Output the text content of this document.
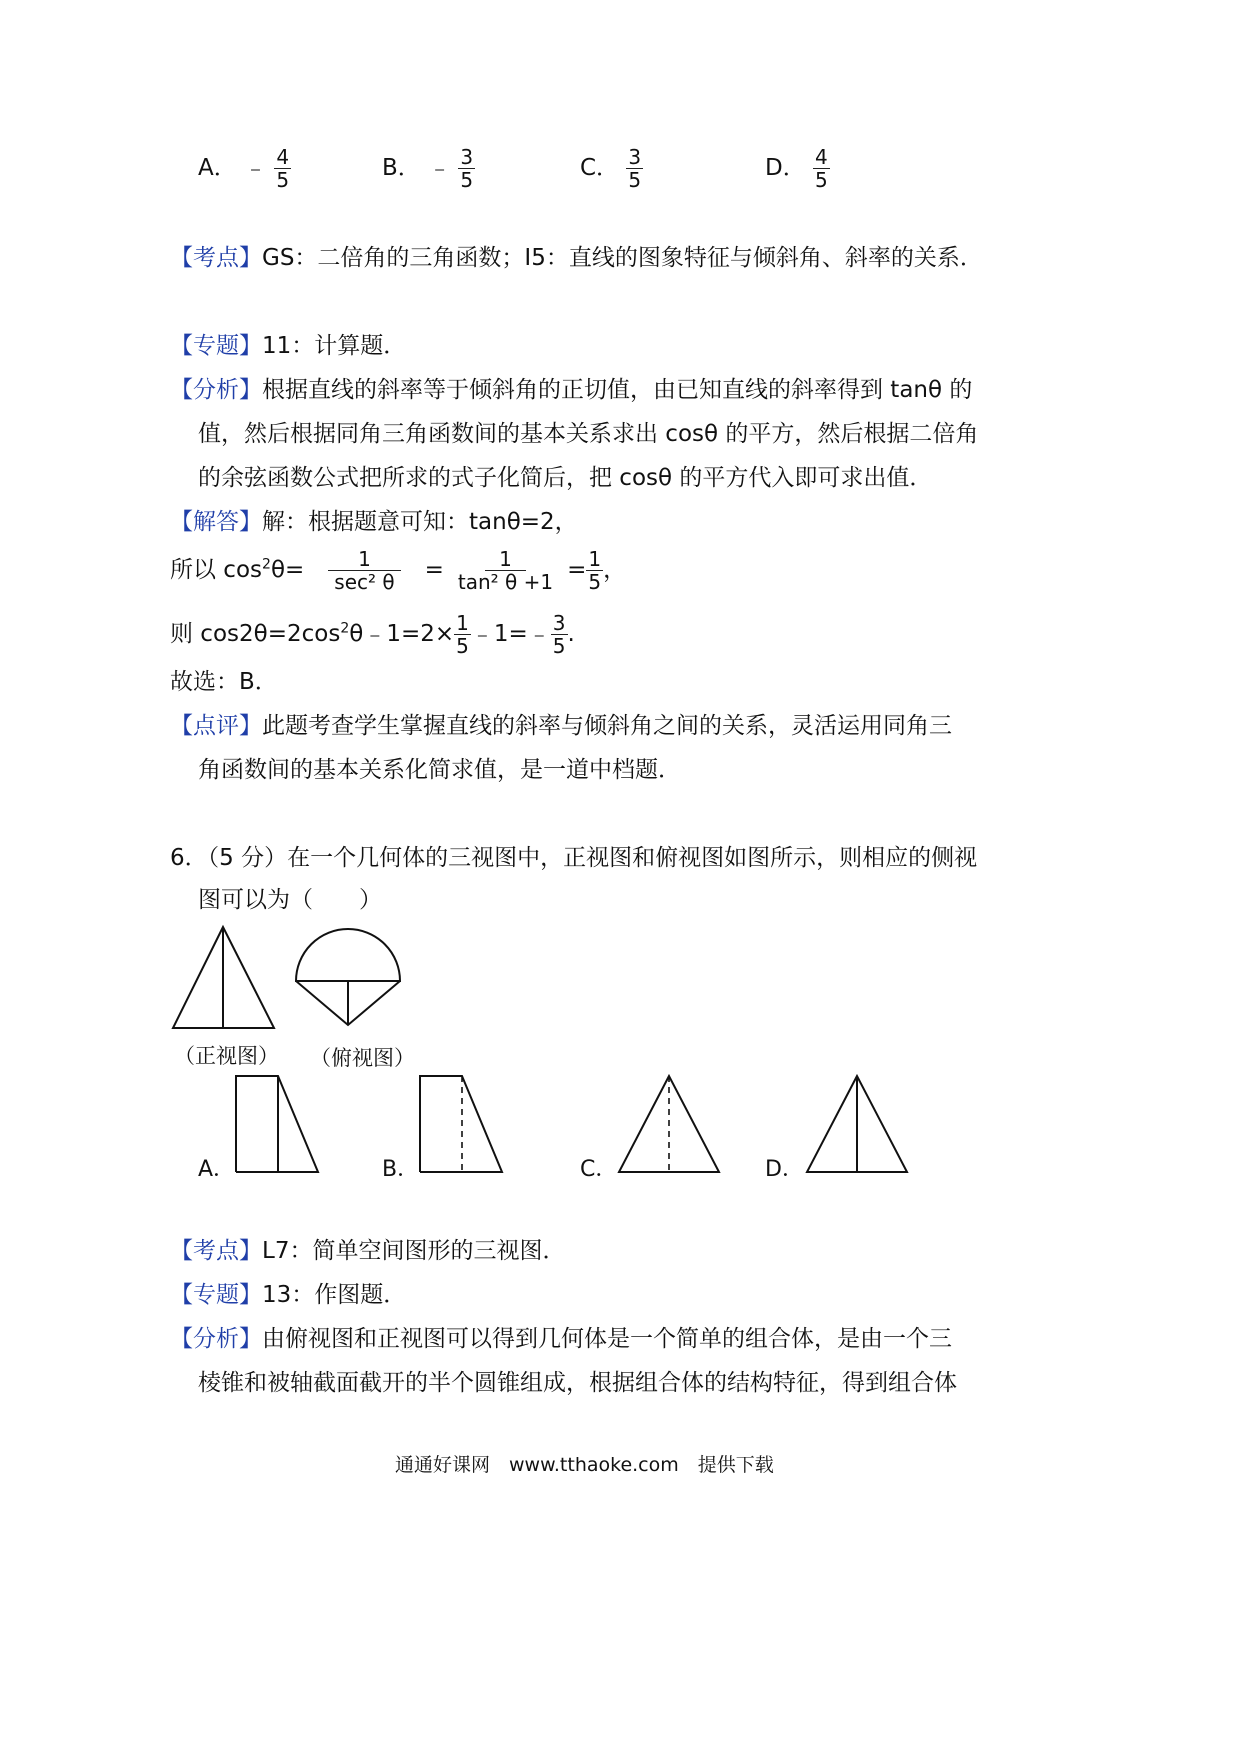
A． ﹣ $\frac{4}{5}$	B． ﹣ $\frac{3}{5}$	C． $\frac{3}{5}$	D． $\frac{4}{5}$
【考点】GS：二倍角的三角函数；I5：直线的图象特征与倾斜角、斜率的关系．
【专题】11：计算题．
【分析】根据直线的斜率等于倾斜角的正切值，由已知直线的斜率得到 tanθ 的
值，然后根据同角三角函数间的基本关系求出 cosθ 的平方，然后根据二倍角
的余弦函数公式把所求的式子化简后，把 cosθ 的平方代入即可求出值．
【解答】解：根据题意可知：tanθ=2，
所以 $\cos^2\theta= \frac{1}{\text{sec² θ}} = \frac{1}{\text{tan² θ +1}} = \frac{1}{5}$ ，
则 $\cos 2\theta=2\cos^2\theta﹣1=2\times \frac{1}{5}$ ﹣1=﹣ $\frac{3}{5}$ .
故选：B．
【点评】此题考查学生掌握直线的斜率与倾斜角之间的关系，灵活运用同角三
角函数间的基本关系化简求值，是一道中档题．
6．（5 分）在一个几何体的三视图中，正视图和俯视图如图所示，则相应的侧视
图可以为（　　）
（正视图） （俯视图）
A．	B．	C．	D．
【考点】L7：简单空间图形的三视图．
【专题】13：作图题．
【分析】由俯视图和正视图可以得到几何体是一个简单的组合体，是由一个三
棱锥和被轴截面截开的半个圆锥组成，根据组合体的结构特征，得到组合体
通通好课网　www.tthaoke.com　提供下载
